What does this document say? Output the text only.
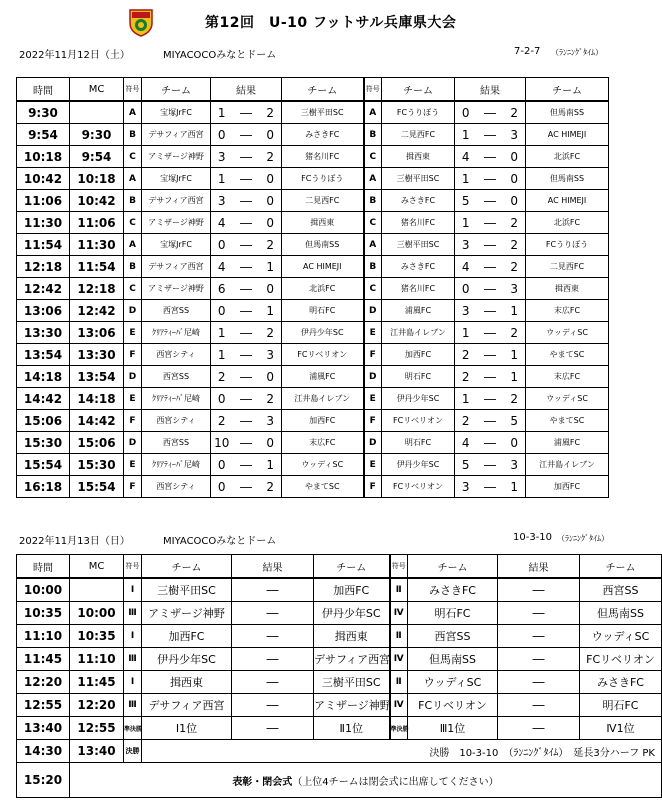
第12回　U-10 フットサル兵庫県大会
2022年11月12日（土）	MIYACOCOみなとドーム	7-2-7 （ﾗﾝﾆﾝｸﾞﾀｲﾑ）
時間	MC	符号	チーム	結果			チーム	符号	チーム	結果			チーム
9:30		A	宝塚JrFC	1	―	2	三樹平田SC	A	FCうりぼう	0	―	2	但馬南SS
9:54	9:30	B	デサフィア西宮	0	―	0	みさきFC	B	二見西FC	1	―	3	AC HIMEJI
10:18	9:54	C	アミザージ神野	3	―	2	猪名川FC	C	揖西東	4	―	0	北浜FC
10:42	10:18	A	宝塚JrFC	1	―	0	FCうりぼう	A	三樹平田SC	1	―	0	但馬南SS
11:06	10:42	B	デサフィア西宮	3	―	0	二見西FC	B	みさきFC	5	―	0	AC HIMEJI
11:30	11:06	C	アミザージ神野	4	―	0	揖西東	C	猪名川FC	1	―	2	北浜FC
11:54	11:30	A	宝塚JrFC	0	―	2	但馬南SS	A	三樹平田SC	3	―	2	FCうりぼう
12:18	11:54	B	デサフィア西宮	4	―	1	AC HIMEJI	B	みさきFC	4	―	2	二見西FC
12:42	12:18	C	アミザージ神野	6	―	0	北浜FC	C	猪名川FC	0	―	3	揖西東
13:06	12:42	D	西宮SS	0	―	1	明石FC	D	浦風FC	3	―	1	末広FC
13:30	13:06	E	ｸﾘｱﾃｨｰﾊﾞ尼崎	1	―	2	伊丹少年SC	E	江井島イレブン	1	―	2	ウッディSC
13:54	13:30	F	西宮シティ	1	―	3	FCリベリオン	F	加西FC	2	―	1	やまてSC
14:18	13:54	D	西宮SS	2	―	0	浦風FC	D	明石FC	2	―	1	末広FC
14:42	14:18	E	ｸﾘｱﾃｨｰﾊﾞ尼崎	0	―	2	江井島イレブン	E	伊丹少年SC	1	―	2	ウッディSC
15:06	14:42	F	西宮シティ	2	―	3	加西FC	F	FCリベリオン	2	―	5	やまてSC
15:30	15:06	D	西宮SS	10	―	0	末広FC	D	明石FC	4	―	0	浦風FC
15:54	15:30	E	ｸﾘｱﾃｨｰﾊﾞ尼崎	0	―	1	ウッディSC	E	伊丹少年SC	5	―	3	江井島イレブン
16:18	15:54	F	西宮シティ	0	―	2	やまてSC	F	FCリベリオン	3	―	1	加西FC
2022年11月13日（日）	MIYACOCOみなとドーム	10-3-10 （ﾗﾝﾆﾝｸﾞﾀｲﾑ）
時間	MC	符号	チーム	結果	チーム	符号	チーム	結果	チーム
10:00		Ⅰ	三樹平田SC	―	加西FC	Ⅱ	みさきFC	―	西宮SS
10:35	10:00	Ⅲ	アミザージ神野	―	伊丹少年SC	Ⅳ	明石FC	―	但馬南SS
11:10	10:35	Ⅰ	加西FC	―	揖西東	Ⅱ	西宮SS	―	ウッディSC
11:45	11:10	Ⅲ	伊丹少年SC	―	デサフィア西宮	Ⅳ	但馬南SS	―	FCリベリオン
12:20	11:45	Ⅰ	揖西東	―	三樹平田SC	Ⅱ	ウッディSC	―	みさきFC
12:55	12:20	Ⅲ	デサフィア西宮	―	アミザージ神野	Ⅳ	FCリベリオン	―	明石FC
13:40	12:55	準決勝	Ⅰ1位	―	Ⅱ1位	準決勝	Ⅲ1位	―	Ⅳ1位
14:30	13:40	決勝	決勝　10-3-10　（ﾗﾝﾆﾝｸﾞﾀｲﾑ）　延長3分ハーフ PK						
15:20	表彰・閉会式（上位4チームは閉会式に出席してください）								
